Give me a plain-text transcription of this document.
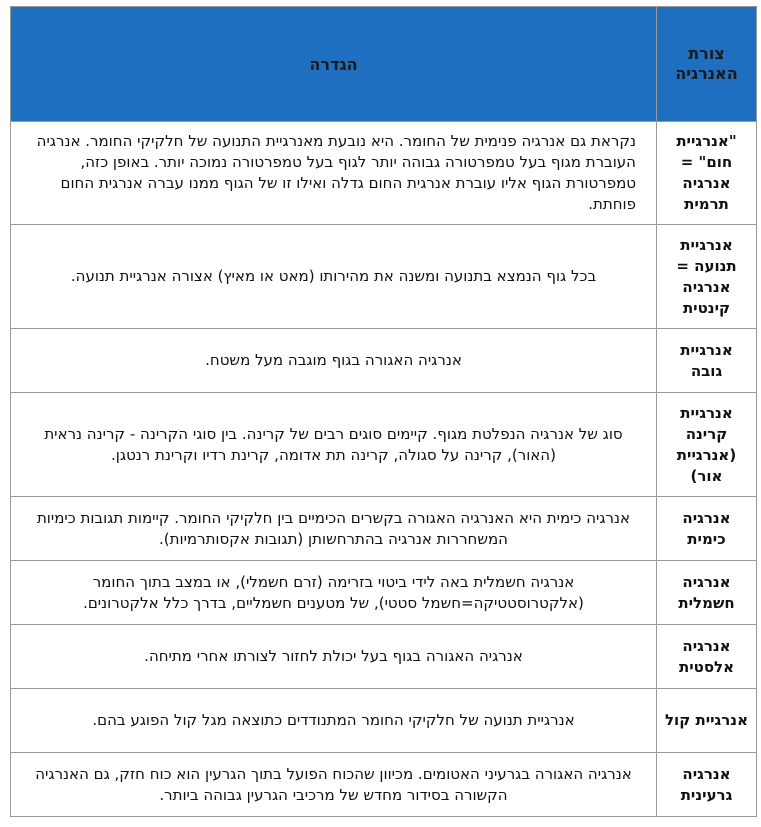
צורת האנרגיה	הגדרה
"אנרגיית חום" = אנרגיה תרמית	נקראת גם אנרגיה פנימית של החומר. היא נובעת מאנרגיית התנועה של חלקיקי החומר. אנרגיה העוברת מגוף בעל טמפרטורה גבוהה יותר לגוף בעל טמפרטורה נמוכה יותר. באופן כזה, טמפרטורת הגוף אליו עוברת אנרגית החום גדלה ואילו זו של הגוף ממנו עברה אנרגית החום פוחתת.
אנרגיית תנועה = אנרגיה קינטית	בכל גוף הנמצא בתנועה ומשנה את מהירותו (מאט או מאיץ) אצורה אנרגיית תנועה.
אנרגיית גובה	אנרגיה האגורה בגוף מוגבה מעל משטח.
אנרגיית קרינה (אנרגיית אור)	סוג של אנרגיה הנפלטת מגוף. קיימים סוגים רבים של קרינה. בין סוגי הקרינה - קרינה נראית (האור), קרינה על סגולה, קרינה תת אדומה, קרינת רדיו וקרינת רנטגן.
אנרגיה כימית	אנרגיה כימית היא האנרגיה האגורה בקשרים הכימיים בין חלקיקי החומר. קיימות תגובות כימיות המשחררות אנרגיה בהתרחשותן (תגובות אקסותרמיות).
אנרגיה חשמלית	אנרגיה חשמלית באה לידי ביטוי בזרימה (זרם חשמלי), או במצב בתוך החומר (אלקטרוסטטיקה=חשמל סטטי), של מטענים חשמליים, בדרך כלל אלקטרונים.
אנרגיה אלסטית	אנרגיה האגורה בגוף בעל יכולת לחזור לצורתו אחרי מתיחה.
אנרגיית קול	אנרגיית תנועה של חלקיקי החומר המתנודדים כתוצאה מגל קול הפוגע בהם.
אנרגיה גרעינית	אנרגיה האגורה בגרעיני האטומים. מכיוון שהכוח הפועל בתוך הגרעין הוא כוח חזק, גם האנרגיה הקשורה בסידור מחדש של מרכיבי הגרעין גבוהה ביותר.
